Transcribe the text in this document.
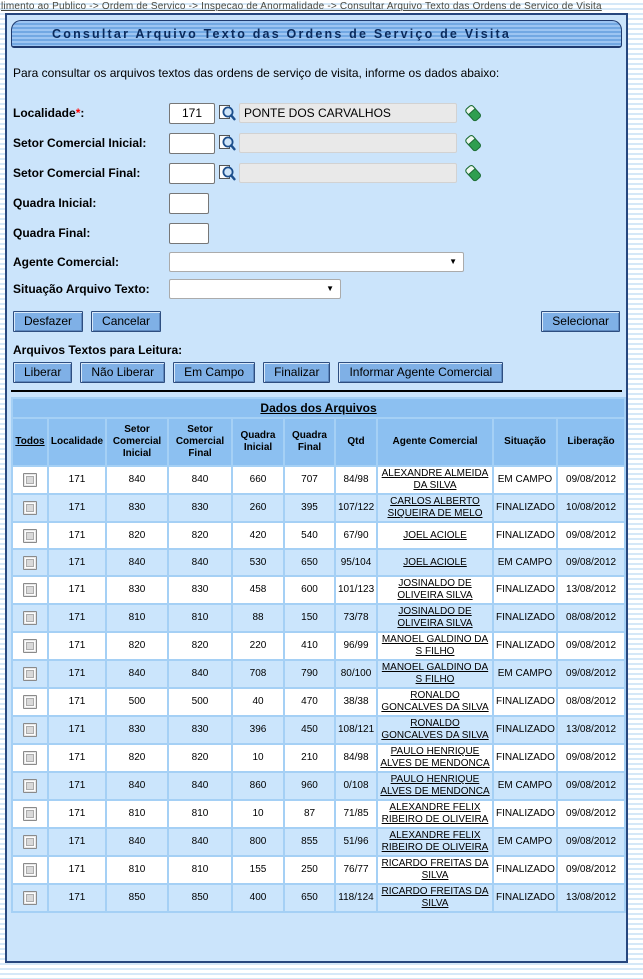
limento ao Publico -> Ordem de Servico -> Inspecao de Anormalidade -> Consultar Arquivo Texto das Ordens de Servico de Visita
Consultar Arquivo Texto das Ordens de Serviço de Visita
Para consultar os arquivos textos das ordens de serviço de visita, informe os dados abaixo:
Localidade*:
171	PONTE DOS CARVALHOS
Setor Comercial Inicial:
Setor Comercial Final:
Quadra Inicial:
Quadra Final:
Agente Comercial:	▼
Situação Arquivo Texto:	▼
Desfazer	Cancelar	Selecionar
Arquivos Textos para Leitura:
Liberar	Não Liberar	Em Campo	Finalizar	Informar Agente Comercial
Dados dos Arquivos									
Todos	Localidade	Setor Comercial Inicial	Setor Comercial Final	Quadra Inicial	Quadra Final	Qtd	Agente Comercial	Situação	Liberação

	171	840	840	660	707	84/98	ALEXANDRE ALMEIDA DA SILVA	EM CAMPO	09/08/2012

	171	830	830	260	395	107/122	CARLOS ALBERTO SIQUEIRA DE MELO	FINALIZADO	10/08/2012

	171	820	820	420	540	67/90	JOEL ACIOLE	FINALIZADO	09/08/2012

	171	840	840	530	650	95/104	JOEL ACIOLE	EM CAMPO	09/08/2012

	171	830	830	458	600	101/123	JOSINALDO DE OLIVEIRA SILVA	FINALIZADO	13/08/2012

	171	810	810	88	150	73/78	JOSINALDO DE OLIVEIRA SILVA	FINALIZADO	08/08/2012

	171	820	820	220	410	96/99	MANOEL GALDINO DA S FILHO	FINALIZADO	09/08/2012

	171	840	840	708	790	80/100	MANOEL GALDINO DA S FILHO	EM CAMPO	09/08/2012

	171	500	500	40	470	38/38	RONALDO GONCALVES DA SILVA	FINALIZADO	08/08/2012

	171	830	830	396	450	108/121	RONALDO GONCALVES DA SILVA	FINALIZADO	13/08/2012

	171	820	820	10	210	84/98	PAULO HENRIQUE ALVES DE MENDONCA	FINALIZADO	09/08/2012

	171	840	840	860	960	0/108	PAULO HENRIQUE ALVES DE MENDONCA	EM CAMPO	09/08/2012

	171	810	810	10	87	71/85	ALEXANDRE FELIX RIBEIRO DE OLIVEIRA	FINALIZADO	09/08/2012

	171	840	840	800	855	51/96	ALEXANDRE FELIX RIBEIRO DE OLIVEIRA	EM CAMPO	09/08/2012

	171	810	810	155	250	76/77	RICARDO FREITAS DA SILVA	FINALIZADO	09/08/2012

	171	850	850	400	650	118/124	RICARDO FREITAS DA SILVA	FINALIZADO	13/08/2012
